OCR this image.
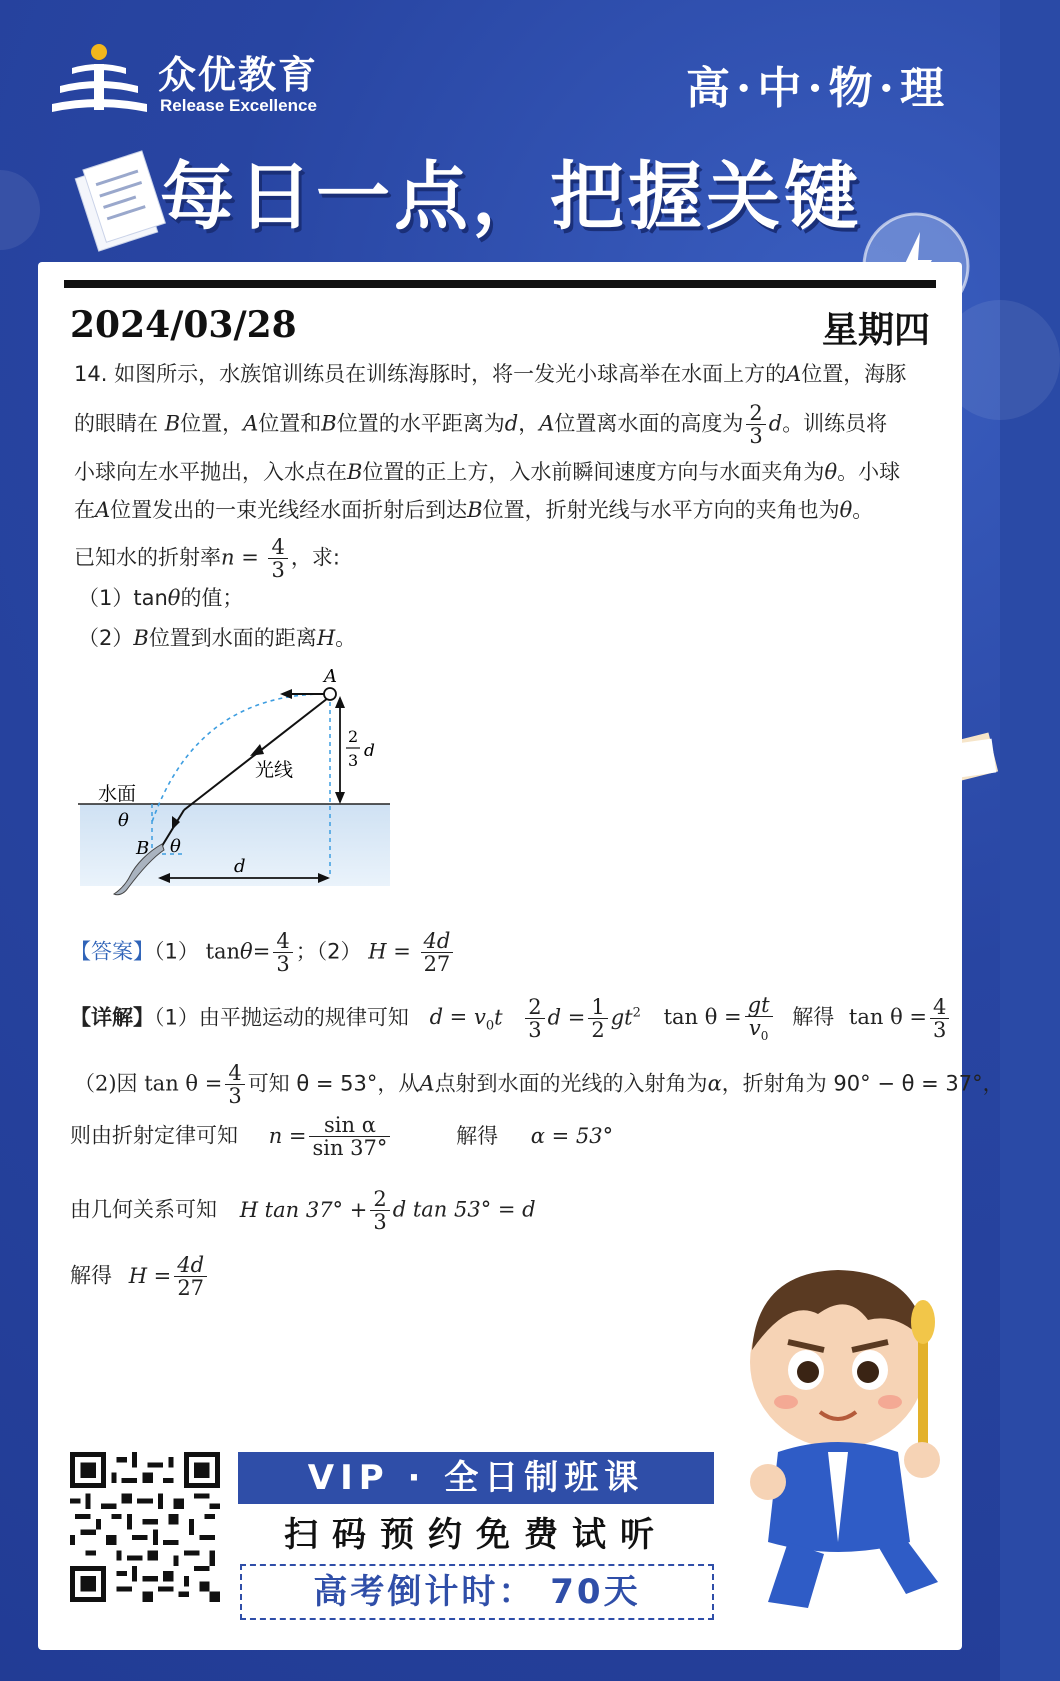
众优教育
Release Excellence	高·中·物·理
每日一点，把握关键
2024/03/28	星期四
14. 如图所示，水族馆训练员在训练海豚时，将一发光小球高举在水面上方的A位置，海豚
的眼睛在 B位置，A位置和B位置的水平距离为d，A位置离水面的高度为 $\frac{2}{3}$ d。训练员将
小球向左水平抛出，入水点在B位置的正上方，入水前瞬间速度方向与水面夹角为θ。小球
在A位置发出的一束光线经水面折射后到达B位置，折射光线与水平方向的夹角也为θ。
已知水的折射率$n = \frac{4}{3}$ ，求:
（1）tanθ的值；
（2）B位置到水面的距离H。
A
光线
水面
θ
θ
B
d
2
3 d
【答案】（1） $\tan\theta= \frac{4}{3}$ ；（2） $H = \frac{4d}{27}$
【详解】（1）由平抛运动的规律可知 $d = v_0t \frac{2}{3}$ $d = \frac{1}{2} gt^2$ $\tan \theta = \frac{gt}{v_0}$ 解得 $\tan \theta = \frac{4}{3}$
（2)因 $\tan \theta = \frac{4}{3}$ 可知 θ = 53°，从A点射到水面的光线的入射角为α，折射角为 90° − θ = 37°，
则由折射定律可知 $n = \frac{\text{sin α}}{\sin 37^\circ}$	解得 α = 53°
由几何关系可知 H $\tan 37^\circ + \frac{2}{3}$ d tan 53° = d
解得 $H = \frac{4d}{27}$
VIP · 全日制班课
扫码预约免费试听
高考倒计时： 70天
